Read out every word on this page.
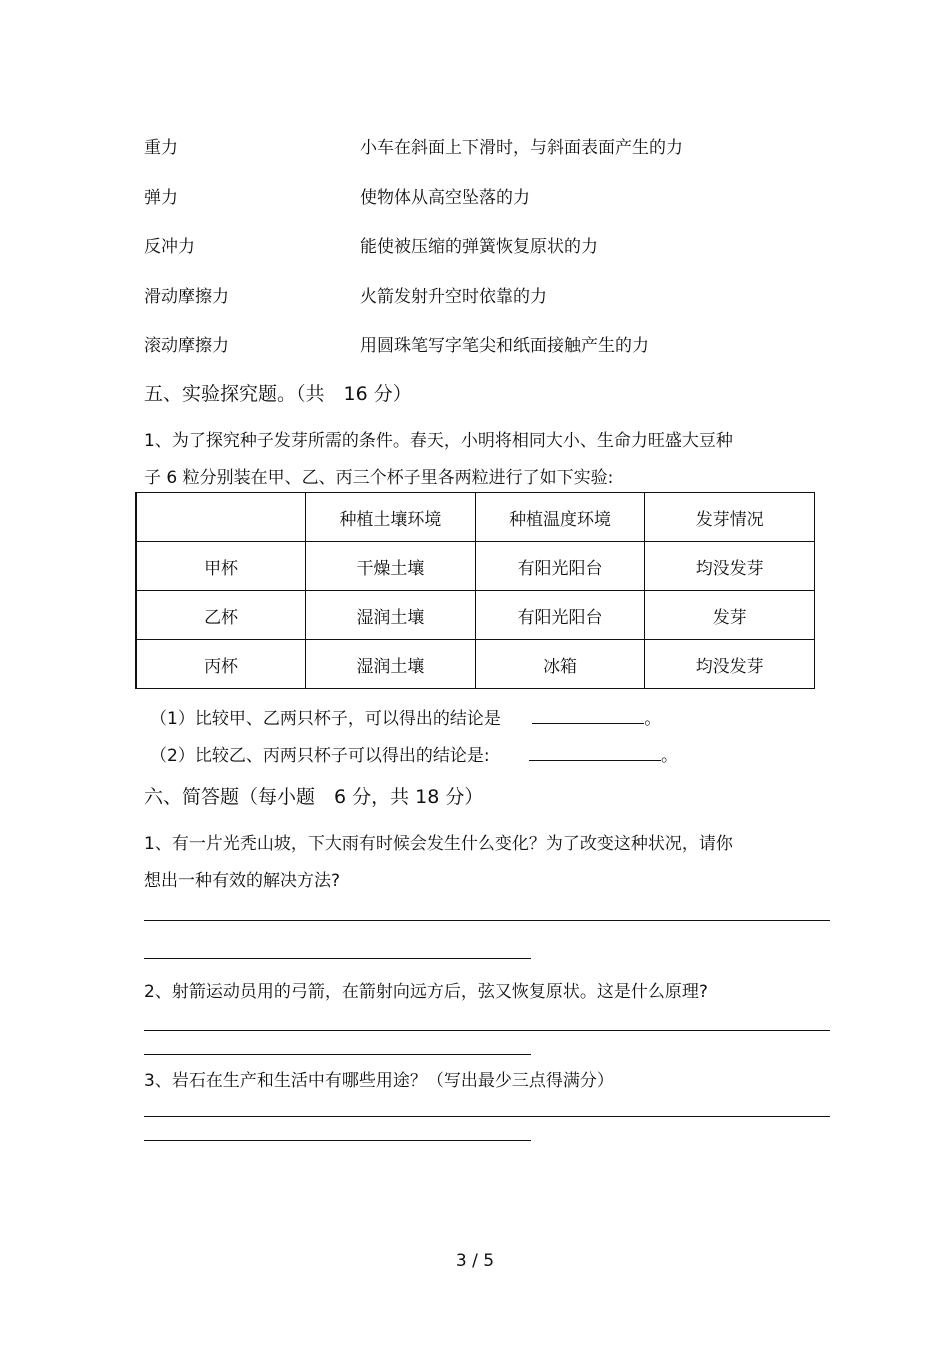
重力	小车在斜面上下滑时，与斜面表面产生的力
弹力	使物体从高空坠落的力
反冲力	能使被压缩的弹簧恢复原状的力
滑动摩擦力	火箭发射升空时依靠的力
滚动摩擦力	用圆珠笔写字笔尖和纸面接触产生的力
五、实验探究题。（共　16 分）
1、为了探究种子发芽所需的条件。春天，小明将相同大小、生命力旺盛大豆种
子 6 粒分别装在甲、乙、丙三个杯子里各两粒进行了如下实验:
	种植土壤环境	种植温度环境	发芽情况
甲杯	干燥土壤	有阳光阳台	均没发芽
乙杯	湿润土壤	有阳光阳台	发芽
丙杯	湿润土壤	冰箱	均没发芽
（1）比较甲、乙两只杯子，可以得出的结论是	。
（2）比较乙、丙两只杯子可以得出的结论是:	。
六、简答题（每小题　6 分，共 18 分）
1、有一片光秃山坡，下大雨有时候会发生什么变化？为了改变这种状况，请你
想出一种有效的解决方法?
2、射箭运动员用的弓箭，在箭射向远方后，弦又恢复原状。这是什么原理?
3、岩石在生产和生活中有哪些用途？（写出最少三点得满分）
3 / 5
